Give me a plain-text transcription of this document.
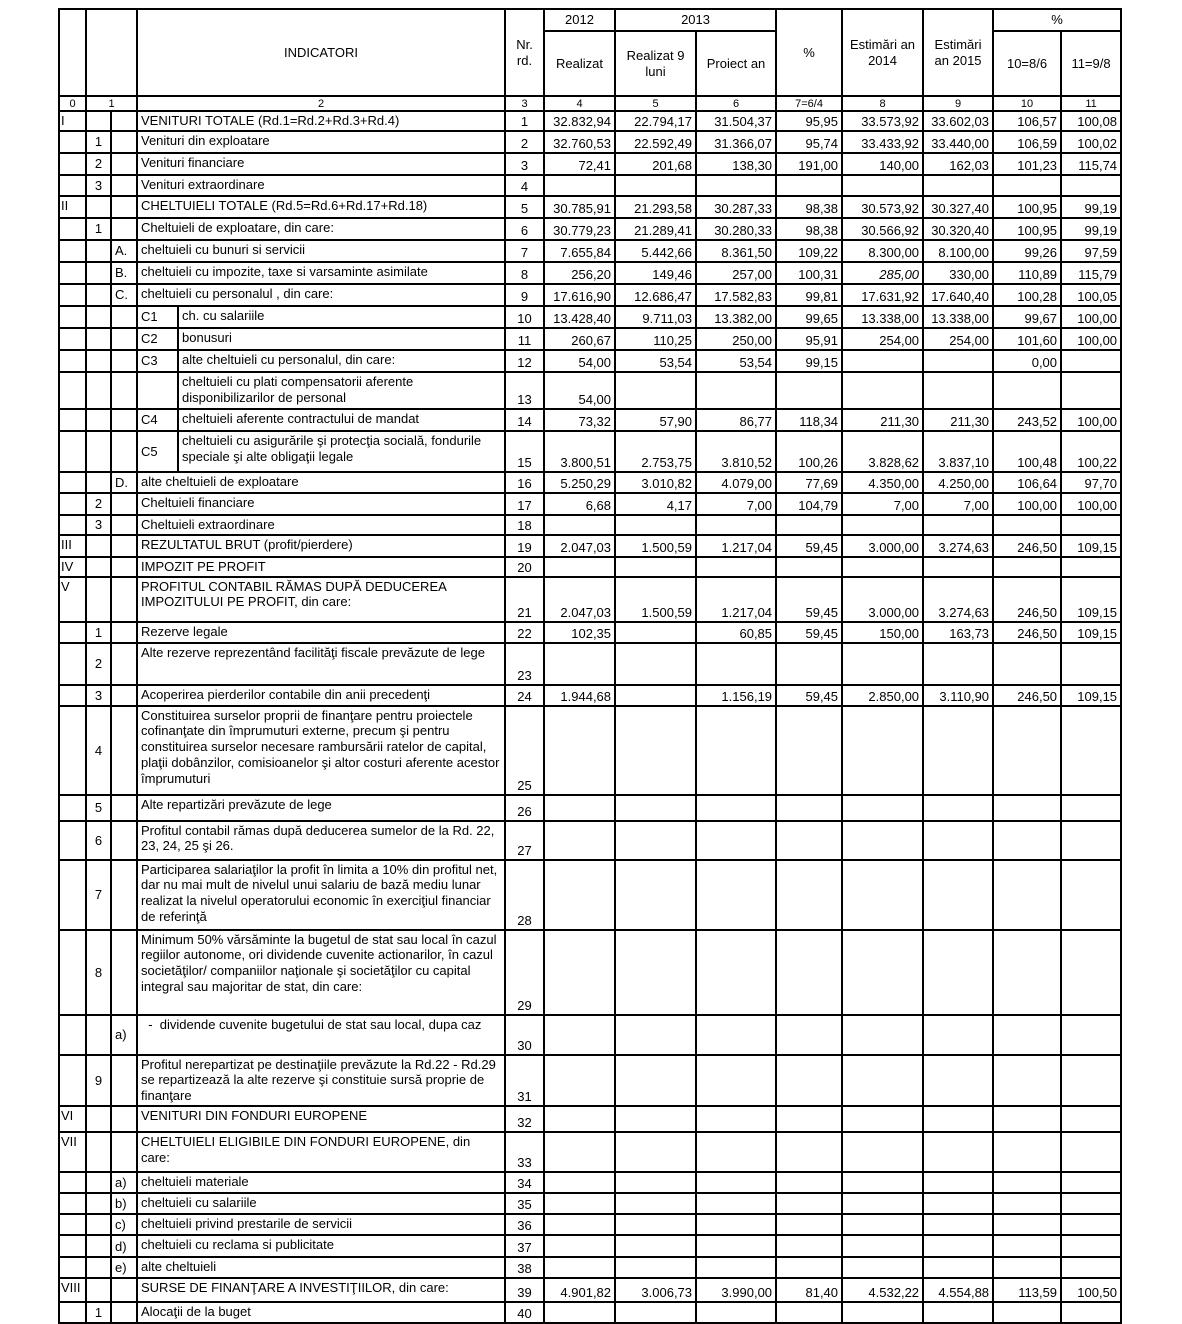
			INDICATORI		Nr. rd.	2012	2013		%	Estimări an 2014	Estimări an 2015	%	
						Realizat	Realizat 9 luni	Proiect an				10=8/6	11=9/8
0	1		2		3	4	5	6	7=6/4	8	9	10	11
I			VENITURI TOTALE (Rd.1=Rd.2+Rd.3+Rd.4)		1	32.832,94	22.794,17	31.504,37	95,95	33.573,92	33.602,03	106,57	100,08
	1		Venituri din exploatare		2	32.760,53	22.592,49	31.366,07	95,74	33.433,92	33.440,00	106,59	100,02
	2		Venituri financiare		3	72,41	201,68	138,30	191,00	140,00	162,03	101,23	115,74
	3		Venituri extraordinare		4								
II			CHELTUIELI TOTALE (Rd.5=Rd.6+Rd.17+Rd.18)		5	30.785,91	21.293,58	30.287,33	98,38	30.573,92	30.327,40	100,95	99,19
	1		Cheltuieli de exploatare, din care:		6	30.779,23	21.289,41	30.280,33	98,38	30.566,92	30.320,40	100,95	99,19
		A.	cheltuieli cu bunuri si servicii		7	7.655,84	5.442,66	8.361,50	109,22	8.300,00	8.100,00	99,26	97,59
		B.	cheltuieli cu impozite, taxe si varsaminte asimilate		8	256,20	149,46	257,00	100,31	285,00	330,00	110,89	115,79
		C.	cheltuieli cu personalul , din care:		9	17.616,90	12.686,47	17.582,83	99,81	17.631,92	17.640,40	100,28	100,05
			C1	ch. cu salariile	10	13.428,40	9.711,03	13.382,00	99,65	13.338,00	13.338,00	99,67	100,00
			C2	bonusuri	11	260,67	110,25	250,00	95,91	254,00	254,00	101,60	100,00
			C3	alte cheltuieli cu personalul, din care:	12	54,00	53,54	53,54	99,15			0,00	
				cheltuieli cu plati compensatorii aferente disponibilizarilor de personal	13	54,00							
			C4	cheltuieli aferente contractului de mandat	14	73,32	57,90	86,77	118,34	211,30	211,30	243,52	100,00
			C5	cheltuieli cu asigurările şi protecţia socială, fondurile speciale şi alte obligaţii legale	15	3.800,51	2.753,75	3.810,52	100,26	3.828,62	3.837,10	100,48	100,22
		D.	alte cheltuieli de exploatare		16	5.250,29	3.010,82	4.079,00	77,69	4.350,00	4.250,00	106,64	97,70
	2		Cheltuieli financiare		17	6,68	4,17	7,00	104,79	7,00	7,00	100,00	100,00
	3		Cheltuieli extraordinare		18								
III			REZULTATUL BRUT (profit/pierdere)		19	2.047,03	1.500,59	1.217,04	59,45	3.000,00	3.274,63	246,50	109,15
IV			IMPOZIT PE PROFIT		20								
V			PROFITUL CONTABIL RĂMAS DUPĂ DEDUCEREA IMPOZITULUI PE PROFIT, din care:		21	2.047,03	1.500,59	1.217,04	59,45	3.000,00	3.274,63	246,50	109,15
	1		Rezerve legale		22	102,35		60,85	59,45	150,00	163,73	246,50	109,15
	2		Alte rezerve reprezentând facilităţi fiscale prevăzute de lege		23								
	3		Acoperirea pierderilor contabile din anii precedenţi		24	1.944,68		1.156,19	59,45	2.850,00	3.110,90	246,50	109,15
	4		Constituirea surselor proprii de finanţare pentru proiectele cofinanţate din împrumuturi externe, precum şi pentru constituirea surselor necesare rambursării ratelor de capital, plaţii dobânzilor, comisioanelor şi altor costuri aferente acestor împrumuturi		25								
	5		Alte repartizări prevăzute de lege		26								
	6		Profitul contabil rămas după deducerea sumelor de la Rd. 22, 23, 24, 25 şi 26.		27								
	7		Participarea salariaţilor la profit în limita a 10% din profitul net, dar nu mai mult de nivelul unui salariu de bază mediu lunar realizat la nivelul operatorului economic în exerciţiul financiar de referinţă		28								
	8		Minimum 50% vărsăminte la bugetul de stat sau local în cazul regiilor autonome, ori dividende cuvenite actionarilor, în cazul societăţilor/ companiilor naţionale şi societăţilor cu capital integral sau majoritar de stat, din care:		29								
		a)	-  dividende cuvenite bugetului de stat sau local, dupa caz		30								
	9		Profitul nerepartizat pe destinaţiile prevăzute la Rd.22 - Rd.29 se repartizează la alte rezerve şi constituie sursă proprie de finanţare		31								
VI			VENITURI DIN FONDURI EUROPENE		32								
VII			CHELTUIELI ELIGIBILE DIN FONDURI EUROPENE, din care:		33								
		a)	cheltuieli materiale		34								
		b)	cheltuieli cu salariile		35								
		c)	cheltuieli privind prestarile de servicii		36								
		d)	cheltuieli cu reclama si publicitate		37								
		e)	alte cheltuieli		38								
VIII			SURSE DE FINANŢARE A INVESTIŢIILOR, din care:		39	4.901,82	3.006,73	3.990,00	81,40	4.532,22	4.554,88	113,59	100,50
	1		Alocaţii de la buget		40								
